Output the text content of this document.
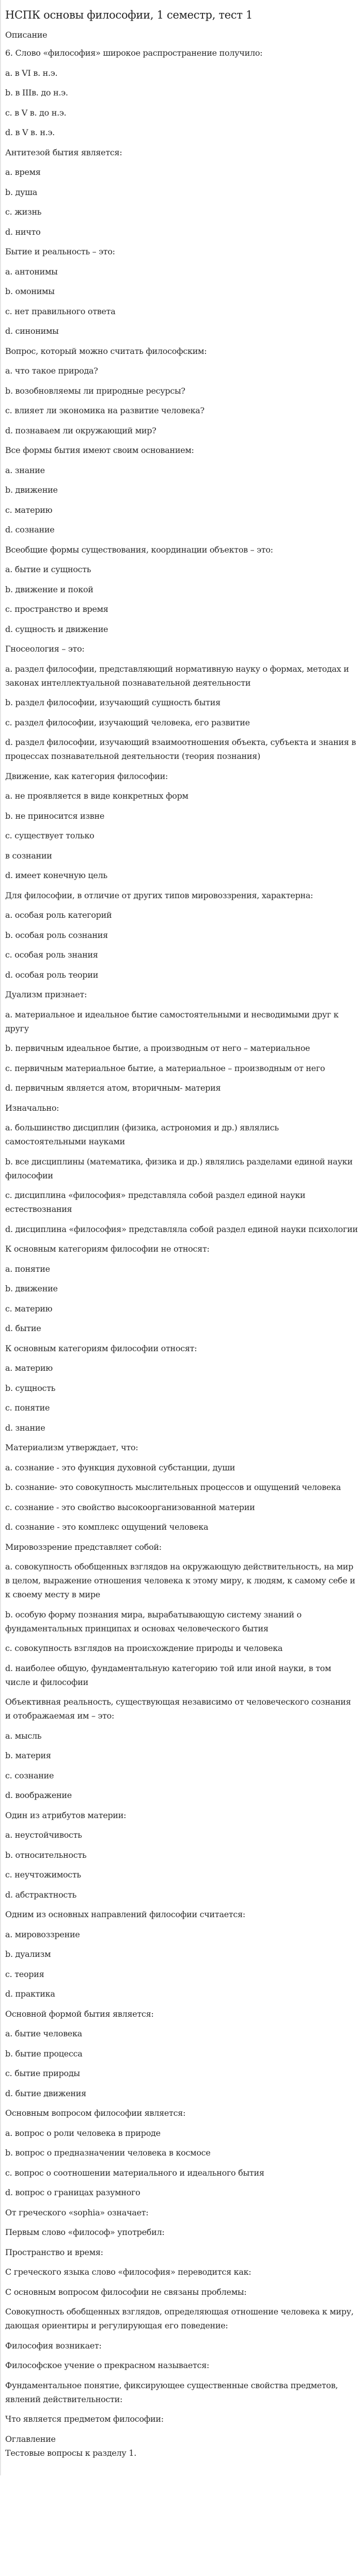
НСПК основы философии, 1 семестр, тест 1
Описание
6. Слово «философия» широкое распространение получило:
a. в VI в. н.э.
b. в IIIв. до н.э.
c. в V в. до н.э.
d. в V в. н.э.
Антитезой бытия является:
a. время
b. душа
c. жизнь
d. ничто
Бытие и реальность – это:
a. антонимы
b. омонимы
c. нет правильного ответа
d. синонимы
Вопрос, который можно считать философским:
a. что такое природа?
b. возобновляемы ли природные ресурсы?
c. влияет ли экономика на развитие человека?
d. познаваем ли окружающий мир?
Все формы бытия имеют своим основанием:
a. знание
b. движение
c. материю
d. сознание
Всеобщие формы существования, координации объектов – это:
a. бытие и сущность
b. движение и покой
c. пространство и время
d. сущность и движение
Гносеология – это:
a. раздел философии, представляющий нормативную науку о формах, методах и законах интеллектуальной познавательной деятельности
b. раздел философии, изучающий сущность бытия
c. раздел философии, изучающий человека, его развитие
d. раздел философии, изучающий взаимоотношения объекта, субъекта и знания в процессах познавательной деятельности (теория познания)
Движение, как категория философии:
a. не проявляется в виде конкретных форм
b. не приносится извне
c. существует только
в сознании
d. имеет конечную цель
Для философии, в отличие от других типов мировоззрения, характерна:
a. особая роль категорий
b. особая роль сознания
c. особая роль знания
d. особая роль теории
Дуализм признает:
a. материальное и идеальное бытие самостоятельными и несводимыми друг к другу
b. первичным идеальное бытие, а производным от него – материальное
c. первичным материальное бытие, а материальное – производным от него
d. первичным является атом, вторичным- материя
Изначально:
a. большинство дисциплин (физика, астрономия и др.) являлись самостоятельными науками
b. все дисциплины (математика, физика и др.) являлись разделами единой науки философии
c. дисциплина «философия» представляла собой раздел единой науки естествознания
d. дисциплина «философия» представляла собой раздел единой науки психологии
К основным категориям философии не относят:
a. понятие
b. движение
c. материю
d. бытие
К основным категориям философии относят:
a. материю
b. сущность
c. понятие
d. знание
Материализм утверждает, что:
a. сознание - это функция духовной субстанции, души
b. сознание- это совокупность мыслительных процессов и ощущений человека
c. сознание - это свойство высокоорганизованной материи
d. сознание - это комплекс ощущений человека
Мировоззрение представляет собой:
a. совокупность обобщенных взглядов на окружающую действительность, на мир в целом, выражение отношения человека к этому миру, к людям, к самому себе и к своему месту в мире
b. особую форму познания мира, вырабатывающую систему знаний о фундаментальных принципах и основах человеческого бытия
c. совокупность взглядов на происхождение природы и человека
d. наиболее общую, фундаментальную категорию той или иной науки, в том числе и философии
Объективная реальность, существующая независимо от человеческого сознания и отображаемая им – это:
a. мысль
b. материя
c. сознание
d. воображение
Один из атрибутов материи:
a. неустойчивость
b. относительность
c. неучтожимость
d. абстрактность
Одним из основных направлений философии считается:
a. мировоззрение
b. дуализм
c. теория
d. практика
Основной формой бытия является:
a. бытие человека
b. бытие процесса
c. бытие природы
d. бытие движения
Основным вопросом философии является:
a. вопрос о роли человека в природе
b. вопрос о предназначении человека в космосе
c. вопрос о соотношении материального и идеального бытия
d. вопрос о границах разумного
От греческого «sophia» означает:
Первым слово «философ» употребил:
Пространство и время:
С греческого языка слово «философия» переводится как:
С основным вопросом философии не связаны проблемы:
Совокупность обобщенных взглядов, определяющая отношение человека к миру, дающая ориентиры и регулирующая его поведение:
Философия возникает:
Философское учение о прекрасном называется:
Фундаментальное понятие, фиксирующее существенные свойства предметов, явлений действительности:
Что является предметом философии:
Оглавление
Тестовые вопросы к разделу 1.
